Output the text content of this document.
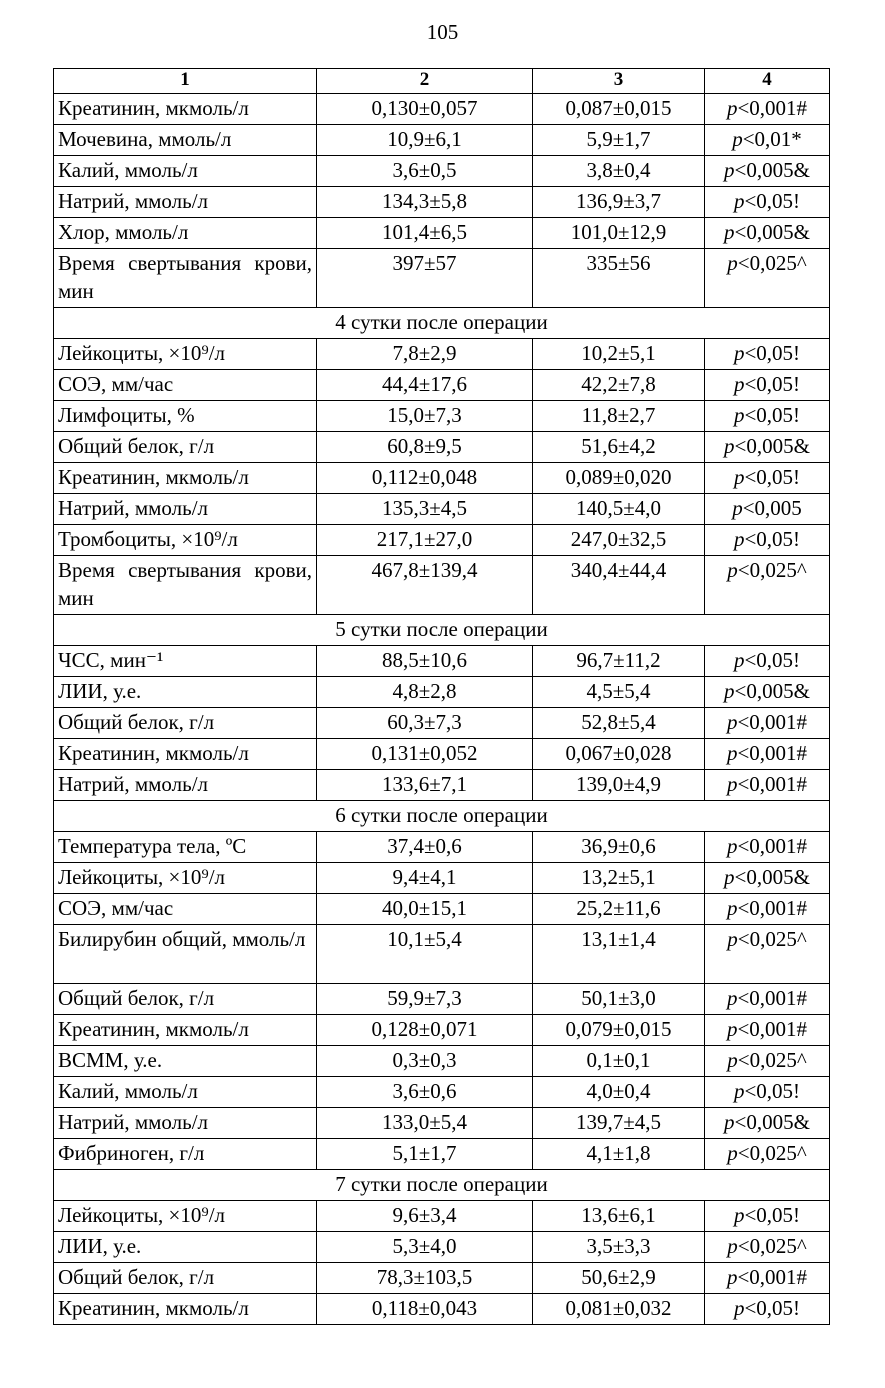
105
1	2	3	4
Креатинин, мкмоль/л	0,130±0,057	0,087±0,015	p<0,001#
Мочевина, ммоль/л	10,9±6,1	5,9±1,7	p<0,01*
Калий, ммоль/л	3,6±0,5	3,8±0,4	p<0,005&
Натрий, ммоль/л	134,3±5,8	136,9±3,7	p<0,05!
Хлор, ммоль/л	101,4±6,5	101,0±12,9	p<0,005&
Время свертывания крови, мин	397±57	335±56	p<0,025^
4 сутки после операции			
Лейкоциты, ×10⁹/л	7,8±2,9	10,2±5,1	p<0,05!
СОЭ, мм/час	44,4±17,6	42,2±7,8	p<0,05!
Лимфоциты, %	15,0±7,3	11,8±2,7	p<0,05!
Общий белок, г/л	60,8±9,5	51,6±4,2	p<0,005&
Креатинин, мкмоль/л	0,112±0,048	0,089±0,020	p<0,05!
Натрий, ммоль/л	135,3±4,5	140,5±4,0	p<0,005
Тромбоциты, ×10⁹/л	217,1±27,0	247,0±32,5	p<0,05!
Время свертывания крови, мин	467,8±139,4	340,4±44,4	p<0,025^
5 сутки после операции			
ЧСС, мин⁻¹	88,5±10,6	96,7±11,2	p<0,05!
ЛИИ, у.е.	4,8±2,8	4,5±5,4	p<0,005&
Общий белок, г/л	60,3±7,3	52,8±5,4	p<0,001#
Креатинин, мкмоль/л	0,131±0,052	0,067±0,028	p<0,001#
Натрий, ммоль/л	133,6±7,1	139,0±4,9	p<0,001#
6 сутки после операции			
Температура тела, ºС	37,4±0,6	36,9±0,6	p<0,001#
Лейкоциты, ×10⁹/л	9,4±4,1	13,2±5,1	p<0,005&
СОЭ, мм/час	40,0±15,1	25,2±11,6	p<0,001#
Билирубин общий, ммоль/л	10,1±5,4	13,1±1,4	p<0,025^
Общий белок, г/л	59,9±7,3	50,1±3,0	p<0,001#
Креатинин, мкмоль/л	0,128±0,071	0,079±0,015	p<0,001#
ВСММ, у.е.	0,3±0,3	0,1±0,1	p<0,025^
Калий, ммоль/л	3,6±0,6	4,0±0,4	p<0,05!
Натрий, ммоль/л	133,0±5,4	139,7±4,5	p<0,005&
Фибриноген, г/л	5,1±1,7	4,1±1,8	p<0,025^
7 сутки после операции			
Лейкоциты, ×10⁹/л	9,6±3,4	13,6±6,1	p<0,05!
ЛИИ, у.е.	5,3±4,0	3,5±3,3	p<0,025^
Общий белок, г/л	78,3±103,5	50,6±2,9	p<0,001#
Креатинин, мкмоль/л	0,118±0,043	0,081±0,032	p<0,05!
